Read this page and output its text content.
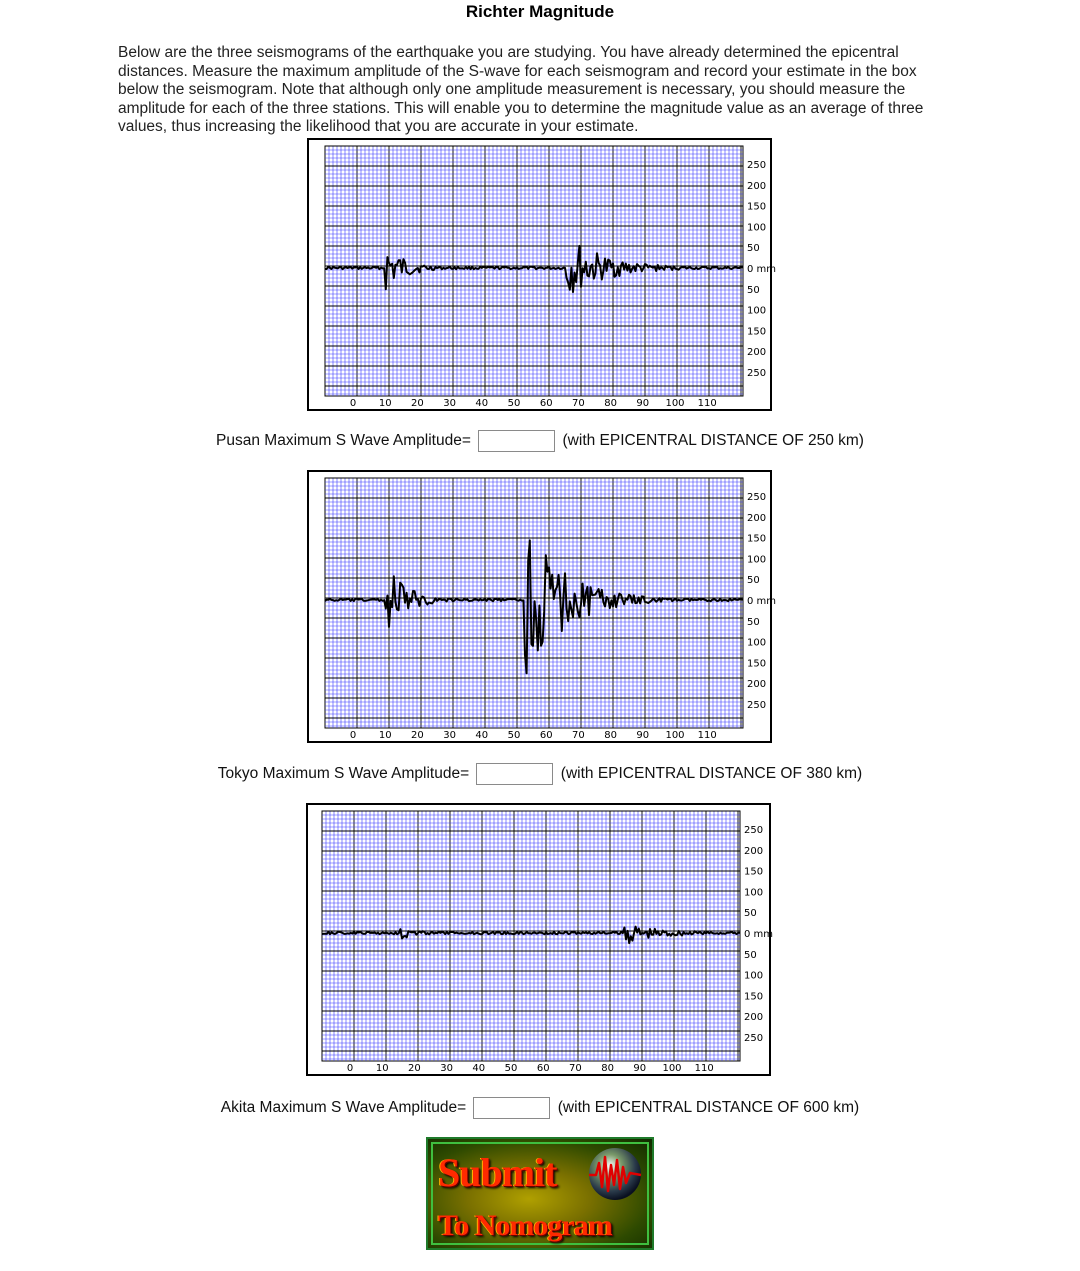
Richter Magnitude
Below are the three seismograms of the earthquake you are studying. You have already determined the epicentral distances. Measure the maximum amplitude of the S-wave for each seismogram and record your estimate in the box below the seismogram. Note that although only one amplitude measurement is necessary, you should measure the amplitude for each of the three stations. This will enable you to determine the magnitude value as an average of three values, thus increasing the likelihood that you are accurate in your estimate.
250
200
150
100
50
0 mm
50
100
150
200
250
0 10 20 30 40 50 60 70 80 90 100 110
Pusan Maximum S Wave Amplitude=	(with EPICENTRAL DISTANCE OF 250 km)
250
200
150
100
50
0 mm
50
100
150
200
250
0 10 20 30 40 50 60 70 80 90 100 110
Tokyo Maximum S Wave Amplitude=	(with EPICENTRAL DISTANCE OF 380 km)
250
200
150
100
50
0 mm
50
100
150
200
250
0 10 20 30 40 50 60 70 80 90 100 110
Akita Maximum S Wave Amplitude=	(with EPICENTRAL DISTANCE OF 600 km)
Submit
To Nomogram
